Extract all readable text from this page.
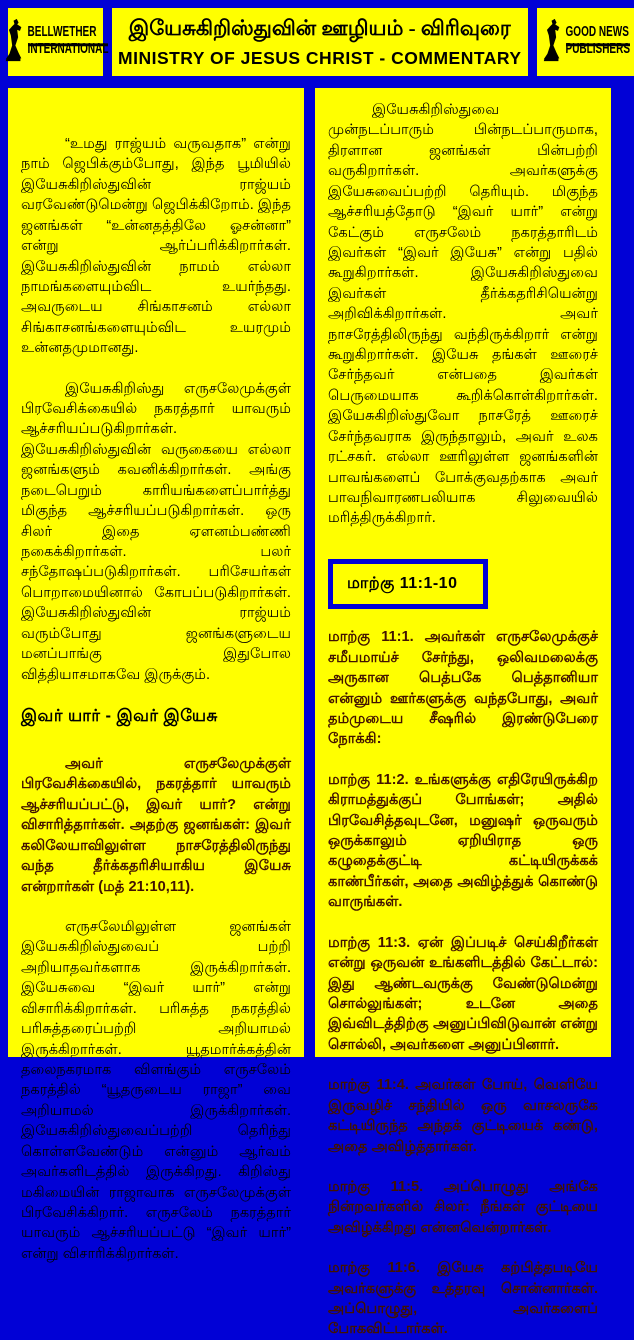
BELLWETHER
INTERNATIONAL
இயேசுகிறிஸ்துவின் ஊழியம் - விரிவுரை
MINISTRY OF JESUS CHRIST - COMMENTARY
GOOD NEWS
PUBLISHERS

“உமது ராஜ்யம் வருவதாக” என்று நாம் ஜெபிக்கும்போது, இந்த பூமியில் இயேசுகிறிஸ்துவின் ராஜ்யம் வரவேண்டுமென்று ஜெபிக்கிறோம். இந்த ஜனங்கள் “உன்னதத்திலே ஓசன்னா” என்று ஆர்ப்பரிக்கிறார்கள். இயேசுகிறிஸ்துவின் நாமம் எல்லா நாமங்களையும்விட உயர்ந்தது. அவருடைய சிங்காசனம் எல்லா சிங்காசனங்களையும்விட உயரமும் உன்னதமுமானது.

இயேசுகிறிஸ்து எருசலேமுக்குள் பிரவேசிக்கையில் நகரத்தார் யாவரும் ஆச்சரியப்படுகிறார்கள். இயேசுகிறிஸ்துவின் வருகையை எல்லா ஜனங்களும் கவனிக்கிறார்கள். அங்கு நடைபெறும் காரியங்களைப்பார்த்து மிகுந்த ஆச்சரியப்படுகிறார்கள். ஒரு சிலர் இதை ஏளனம்பண்ணி நகைக்கிறார்கள். பலர் சந்தோஷப்படுகிறார்கள். பரிசேயர்கள் பொறாமையினால் கோபப்படுகிறார்கள். இயேசுகிறிஸ்துவின் ராஜ்யம் வரும்போது ஜனங்களுடைய மனப்பாங்கு இதுபோல வித்தியாசமாகவே இருக்கும்.

இவர் யார் - இவர் இயேசு

அவர் எருசலேமுக்குள் பிரவேசிக்கையில், நகரத்தார் யாவரும் ஆச்சரியப்பட்டு, இவர் யார்? என்று விசாரித்தார்கள். அதற்கு ஜனங்கள்: இவர் கலிலேயாவிலுள்ள நாசரேத்திலிருந்து வந்த தீர்க்கதரிசியாகிய இயேசு என்றார்கள் (மத் 21:10,11).

எருசலேமிலுள்ள ஜனங்கள் இயேசுகிறிஸ்துவைப் பற்றி அறியாதவர்களாக இருக்கிறார்கள். இயேசுவை “இவர் யார்” என்று விசாரிக்கிறார்கள். பரிசுத்த நகரத்தில் பரிசுத்தரைப்பற்றி அறியாமல் இருக்கிறார்கள். யூதமார்க்கத்தின் தலைநகரமாக விளங்கும் எருசலேம் நகரத்தில் “யூதருடைய ராஜா” வை அறியாமல் இருக்கிறார்கள். இயேசுகிறிஸ்துவைப்பற்றி தெரிந்து கொள்ளவேண்டும் என்னும் ஆர்வம் அவர்களிடத்தில் இருக்கிறது. கிறிஸ்து மகிமையின் ராஜாவாக எருசலேமுக்குள் பிரவேசிக்கிறார். எருசலேம் நகரத்தார் யாவரும் ஆச்சரியப்பட்டு “இவர் யார்” என்று விசாரிக்கிறார்கள்.

இயேசுகிறிஸ்துவை முன்நடப்பாரும் பின்நடப்பாருமாக, திரளான ஜனங்கள் பின்பற்றி வருகிறார்கள். அவர்களுக்கு இயேசுவைப்பற்றி தெரியும். மிகுந்த ஆச்சரியத்தோடு “இவர் யார்” என்று கேட்கும் எருசலேம் நகரத்தாரிடம் இவர்கள் “இவர் இயேசு” என்று பதில் கூறுகிறார்கள். இயேசுகிறிஸ்துவை இவர்கள் தீர்க்கதரிசியென்று அறிவிக்கிறார்கள். அவர் நாசரேத்திலிருந்து வந்திருக்கிறார் என்று கூறுகிறார்கள். இயேசு தங்கள் ஊரைச் சேர்ந்தவர் என்பதை இவர்கள் பெருமையாக கூறிக்கொள்கிறார்கள். இயேசுகிறிஸ்துவோ நாசரேத் ஊரைச் சேர்ந்தவராக இருந்தாலும், அவர் உலக ரட்சகர். எல்லா ஊரிலுள்ள ஜனங்களின் பாவங்களைப் போக்குவதற்காக அவர் பாவநிவாரணபலியாக சிலுவையில் மரித்திருக்கிறார்.

மாற்கு 11:1-10

மாற்கு 11:1. அவர்கள் எருசலேமுக்குச் சமீபமாய்ச் சேர்ந்து, ஒலிவமலைக்கு அருகான பெத்பகே பெத்தானியா என்னும் ஊர்களுக்கு வந்தபோது, அவர் தம்முடைய சீஷரில் இரண்டுபேரை நோக்கி:

மாற்கு 11:2. உங்களுக்கு எதிரேயிருக்கிற கிராமத்துக்குப் போங்கள்; அதில் பிரவேசித்தவுடனே, மனுஷர் ஒருவரும் ஒருக்காலும் ஏறியிராத ஒரு கழுதைக்குட்டி கட்டியிருக்கக் காண்பீர்கள், அதை அவிழ்த்துக் கொண்டு வாருங்கள்.

மாற்கு 11:3. ஏன் இப்படிச் செய்கிறீர்கள் என்று ஒருவன் உங்களிடத்தில் கேட்டால்: இது ஆண்டவருக்கு வேண்டுமென்று சொல்லுங்கள்; உடனே அதை இவ்விடத்திற்கு அனுப்பிவிடுவான் என்று சொல்லி, அவர்களை அனுப்பினார்.

மாற்கு 11:4. அவர்கள் போய், வெளியே இருவழிச் சந்தியில் ஒரு வாசலருகே கட்டியிருந்த அந்தக் குட்டியைக் கண்டு, அதை அவிழ்த்தார்கள்.

மாற்கு 11:5. அப்பொழுது அங்கே நின்றவர்களில் சிலர்: நீங்கள் குட்டியை அவிழ்க்கிறது என்னவென்றார்கள்.

மாற்கு 11:6. இயேசு கற்பித்தபடியே அவர்களுக்கு உத்தரவு சொன்னார்கள். அப்பொழுது, அவர்களைப் போகவிட்டார்கள்.
